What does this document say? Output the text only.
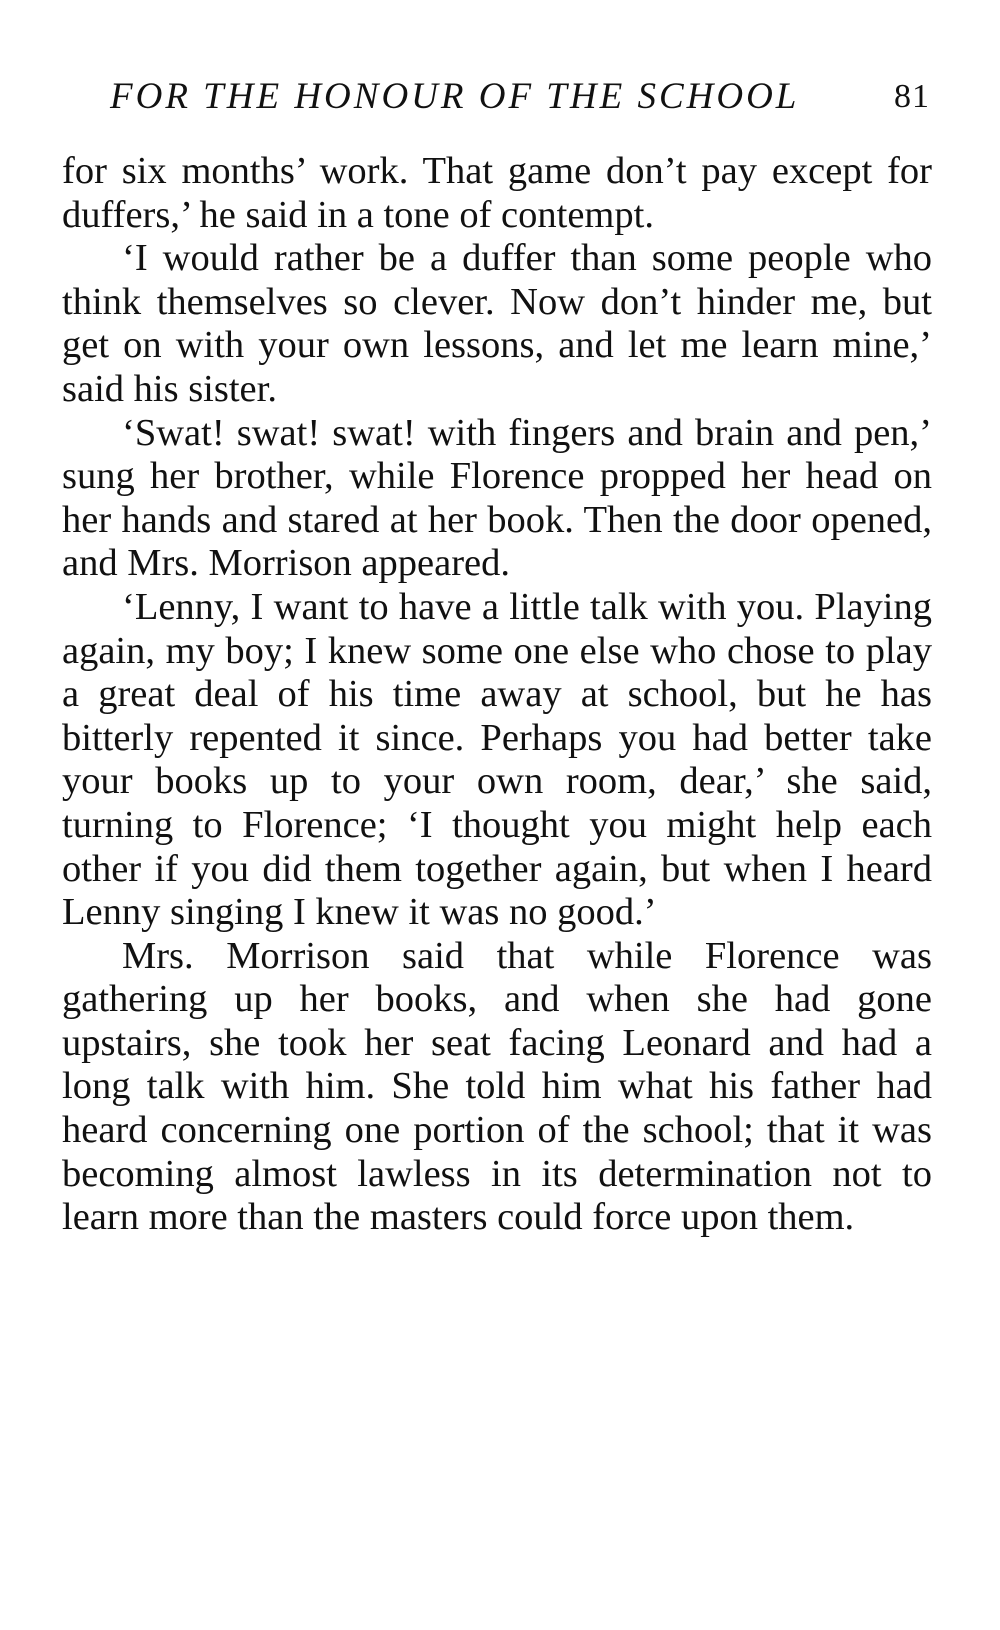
FOR THE HONOUR OF THE SCHOOL	81

for six months’ work. That game don’t pay except for duffers,’ he said in a tone of contempt.

‘I would rather be a duffer than some people who think themselves so clever. Now don’t hinder me, but get on with your own lessons, and let me learn mine,’ said his sister.

‘Swat! swat! swat! with fingers and brain and pen,’ sung her brother, while Florence propped her head on her hands and stared at her book. Then the door opened, and Mrs. Morrison appeared.

‘Lenny, I want to have a little talk with you. Playing again, my boy; I knew some one else who chose to play a great deal of his time away at school, but he has bitterly repented it since. Perhaps you had better take your books up to your own room, dear,’ she said, turning to Florence; ‘I thought you might help each other if you did them together again, but when I heard Lenny singing I knew it was no good.’

Mrs. Morrison said that while Florence was gathering up her books, and when she had gone upstairs, she took her seat facing Leonard and had a long talk with him. She told him what his father had heard concerning one portion of the school; that it was becoming almost lawless in its determination not to learn more than the masters could force upon them.
